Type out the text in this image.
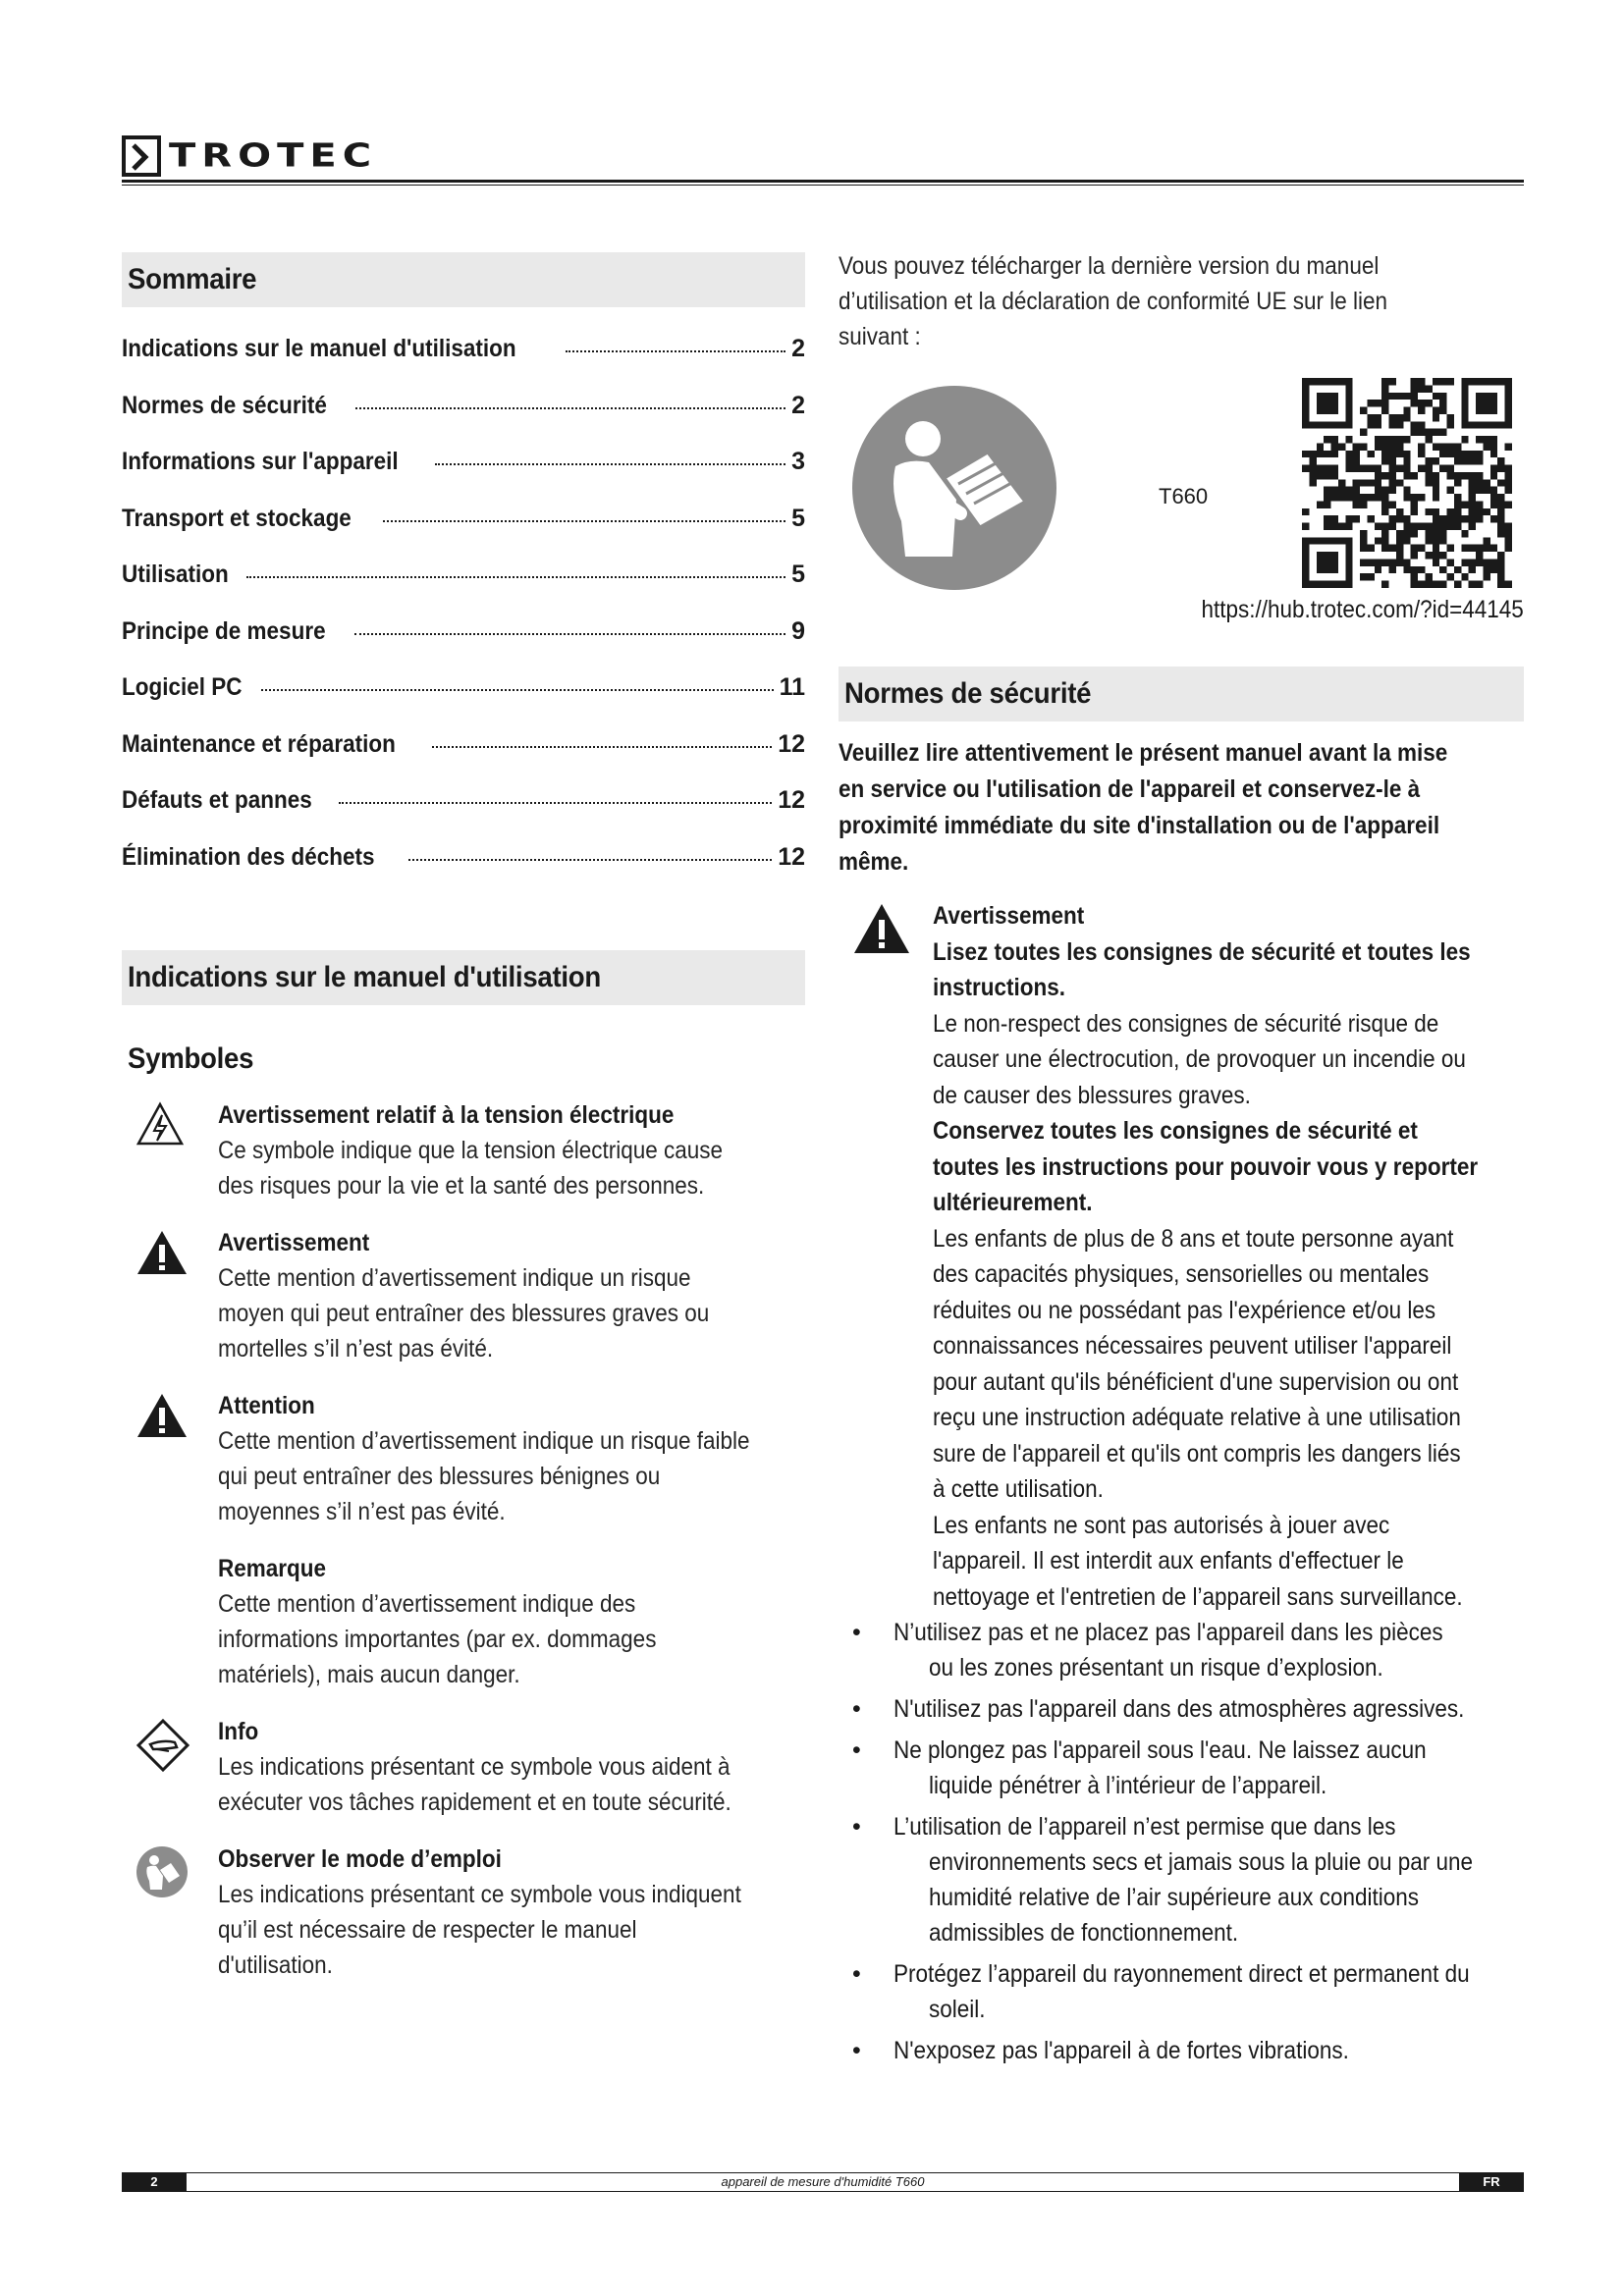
TROTEC
Sommaire
Indications sur le manuel d'utilisation	2
Normes de sécurité	2
Informations sur l'appareil	3
Transport et stockage	5
Utilisation	5
Principe de mesure	9
Logiciel PC	11
Maintenance et réparation	12
Défauts et pannes	12
Élimination des déchets	12
Indications sur le manuel d'utilisation
Symboles
Avertissement relatif à la tension électrique
Ce symbole indique que la tension électrique cause
des risques pour la vie et la santé des personnes.
Avertissement
Cette mention d’avertissement indique un risque
moyen qui peut entraîner des blessures graves ou
mortelles s’il n’est pas évité.
Attention
Cette mention d’avertissement indique un risque faible
qui peut entraîner des blessures bénignes ou
moyennes s’il n’est pas évité.
Remarque
Cette mention d’avertissement indique des
informations importantes (par ex. dommages
matériels), mais aucun danger.
Info
Les indications présentant ce symbole vous aident à
exécuter vos tâches rapidement et en toute sécurité.
Observer le mode d’emploi
Les indications présentant ce symbole vous indiquent
qu’il est nécessaire de respecter le manuel
d'utilisation.
Vous pouvez télécharger la dernière version du manuel
d’utilisation et la déclaration de conformité UE sur le lien
suivant :
T660
https://hub.trotec.com/?id=44145
Normes de sécurité
Veuillez lire attentivement le présent manuel avant la mise
en service ou l'utilisation de l'appareil et conservez-le à
proximité immédiate du site d'installation ou de l'appareil
même.
Avertissement
Lisez toutes les consignes de sécurité et toutes les
instructions.
Le non-respect des consignes de sécurité risque de
causer une électrocution, de provoquer un incendie ou
de causer des blessures graves.
Conservez toutes les consignes de sécurité et
toutes les instructions pour pouvoir vous y reporter
ultérieurement.
Les enfants de plus de 8 ans et toute personne ayant
des capacités physiques, sensorielles ou mentales
réduites ou ne possédant pas l'expérience et/ou les
connaissances nécessaires peuvent utiliser l'appareil
pour autant qu'ils bénéficient d'une supervision ou ont
reçu une instruction adéquate relative à une utilisation
sure de l'appareil et qu'ils ont compris les dangers liés
à cette utilisation.
Les enfants ne sont pas autorisés à jouer avec
l'appareil. Il est interdit aux enfants d'effectuer le
nettoyage et l'entretien de l’appareil sans surveillance.
• N’utilisez pas et ne placez pas l'appareil dans les pièces
ou les zones présentant un risque d’explosion.
• N'utilisez pas l'appareil dans des atmosphères agressives.
• Ne plongez pas l'appareil sous l'eau. Ne laissez aucun
liquide pénétrer à l’intérieur de l’appareil.
• L’utilisation de l’appareil n’est permise que dans les
environnements secs et jamais sous la pluie ou par une
humidité relative de l’air supérieure aux conditions
admissibles de fonctionnement.
• Protégez l’appareil du rayonnement direct et permanent du
soleil.
• N'exposez pas l'appareil à de fortes vibrations.
appareil de mesure d'humidité T660
2	FR
